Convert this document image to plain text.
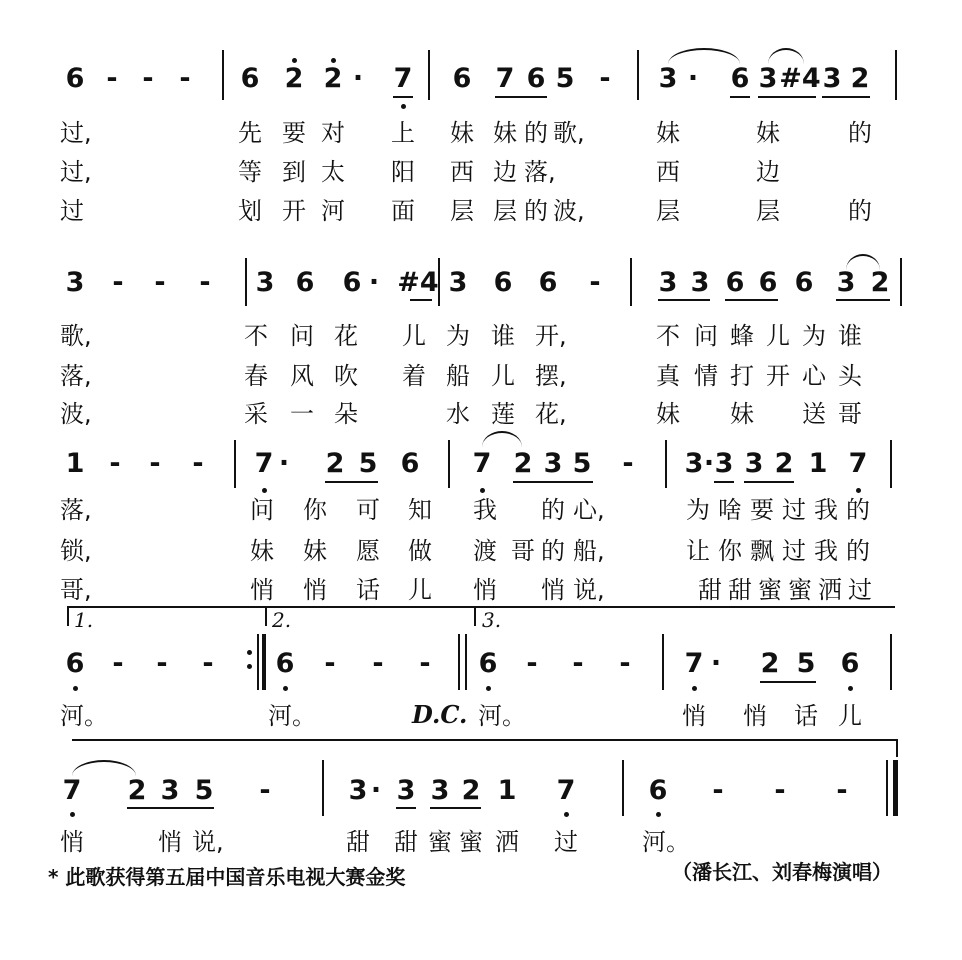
6 - - - 6 2 2 · 7 6 7 6 5 - 3 · 6 3 #4 3 2
过,	先 要 对 上 妹 妹 的 歌,	妹	妹	的
过,	等 到 太 阳 西 边 落,	西	边
过	划 开 河 面 层 层 的 波,	层	层	的
3 - - - 3 6 6 · #4 3 6 6 - 3 3 6 6 6 3 2
歌,	不 问 花 儿 为 谁 开,	不 问 蜂 儿 为 谁
落,	春 风 吹 着 船 儿 摆,	真 情 打 开 心 头
波,	采 一 朵	水 莲 花,	妹 妹 送 哥
1 - - - 7 · 2 5 6 7 2 3 5 - 3 · 3 3 2 1 7
落,	问 你 可 知 我 的 心,	为 啥 要 过 我 的
锁,	妹 妹 愿 做 渡 哥 的 船,	让 你 飘 过 我 的
哥,	悄 悄 话 儿 悄 悄 说,	甜 甜 蜜 蜜 洒 过
1.	2.	3.
6 - - - 6 - - - 6 - - - 7 · 2 5 6
河。	河。	D.C. 河。	悄 悄 话 儿
7 2 3 5 -	3 · 3 3 2 1 7	6 - - -
悄	悄 说,	甜 甜 蜜 蜜 洒 过	河。
* 此歌获得第五届中国音乐电视大赛金奖	（潘长江、刘春梅演唱）
